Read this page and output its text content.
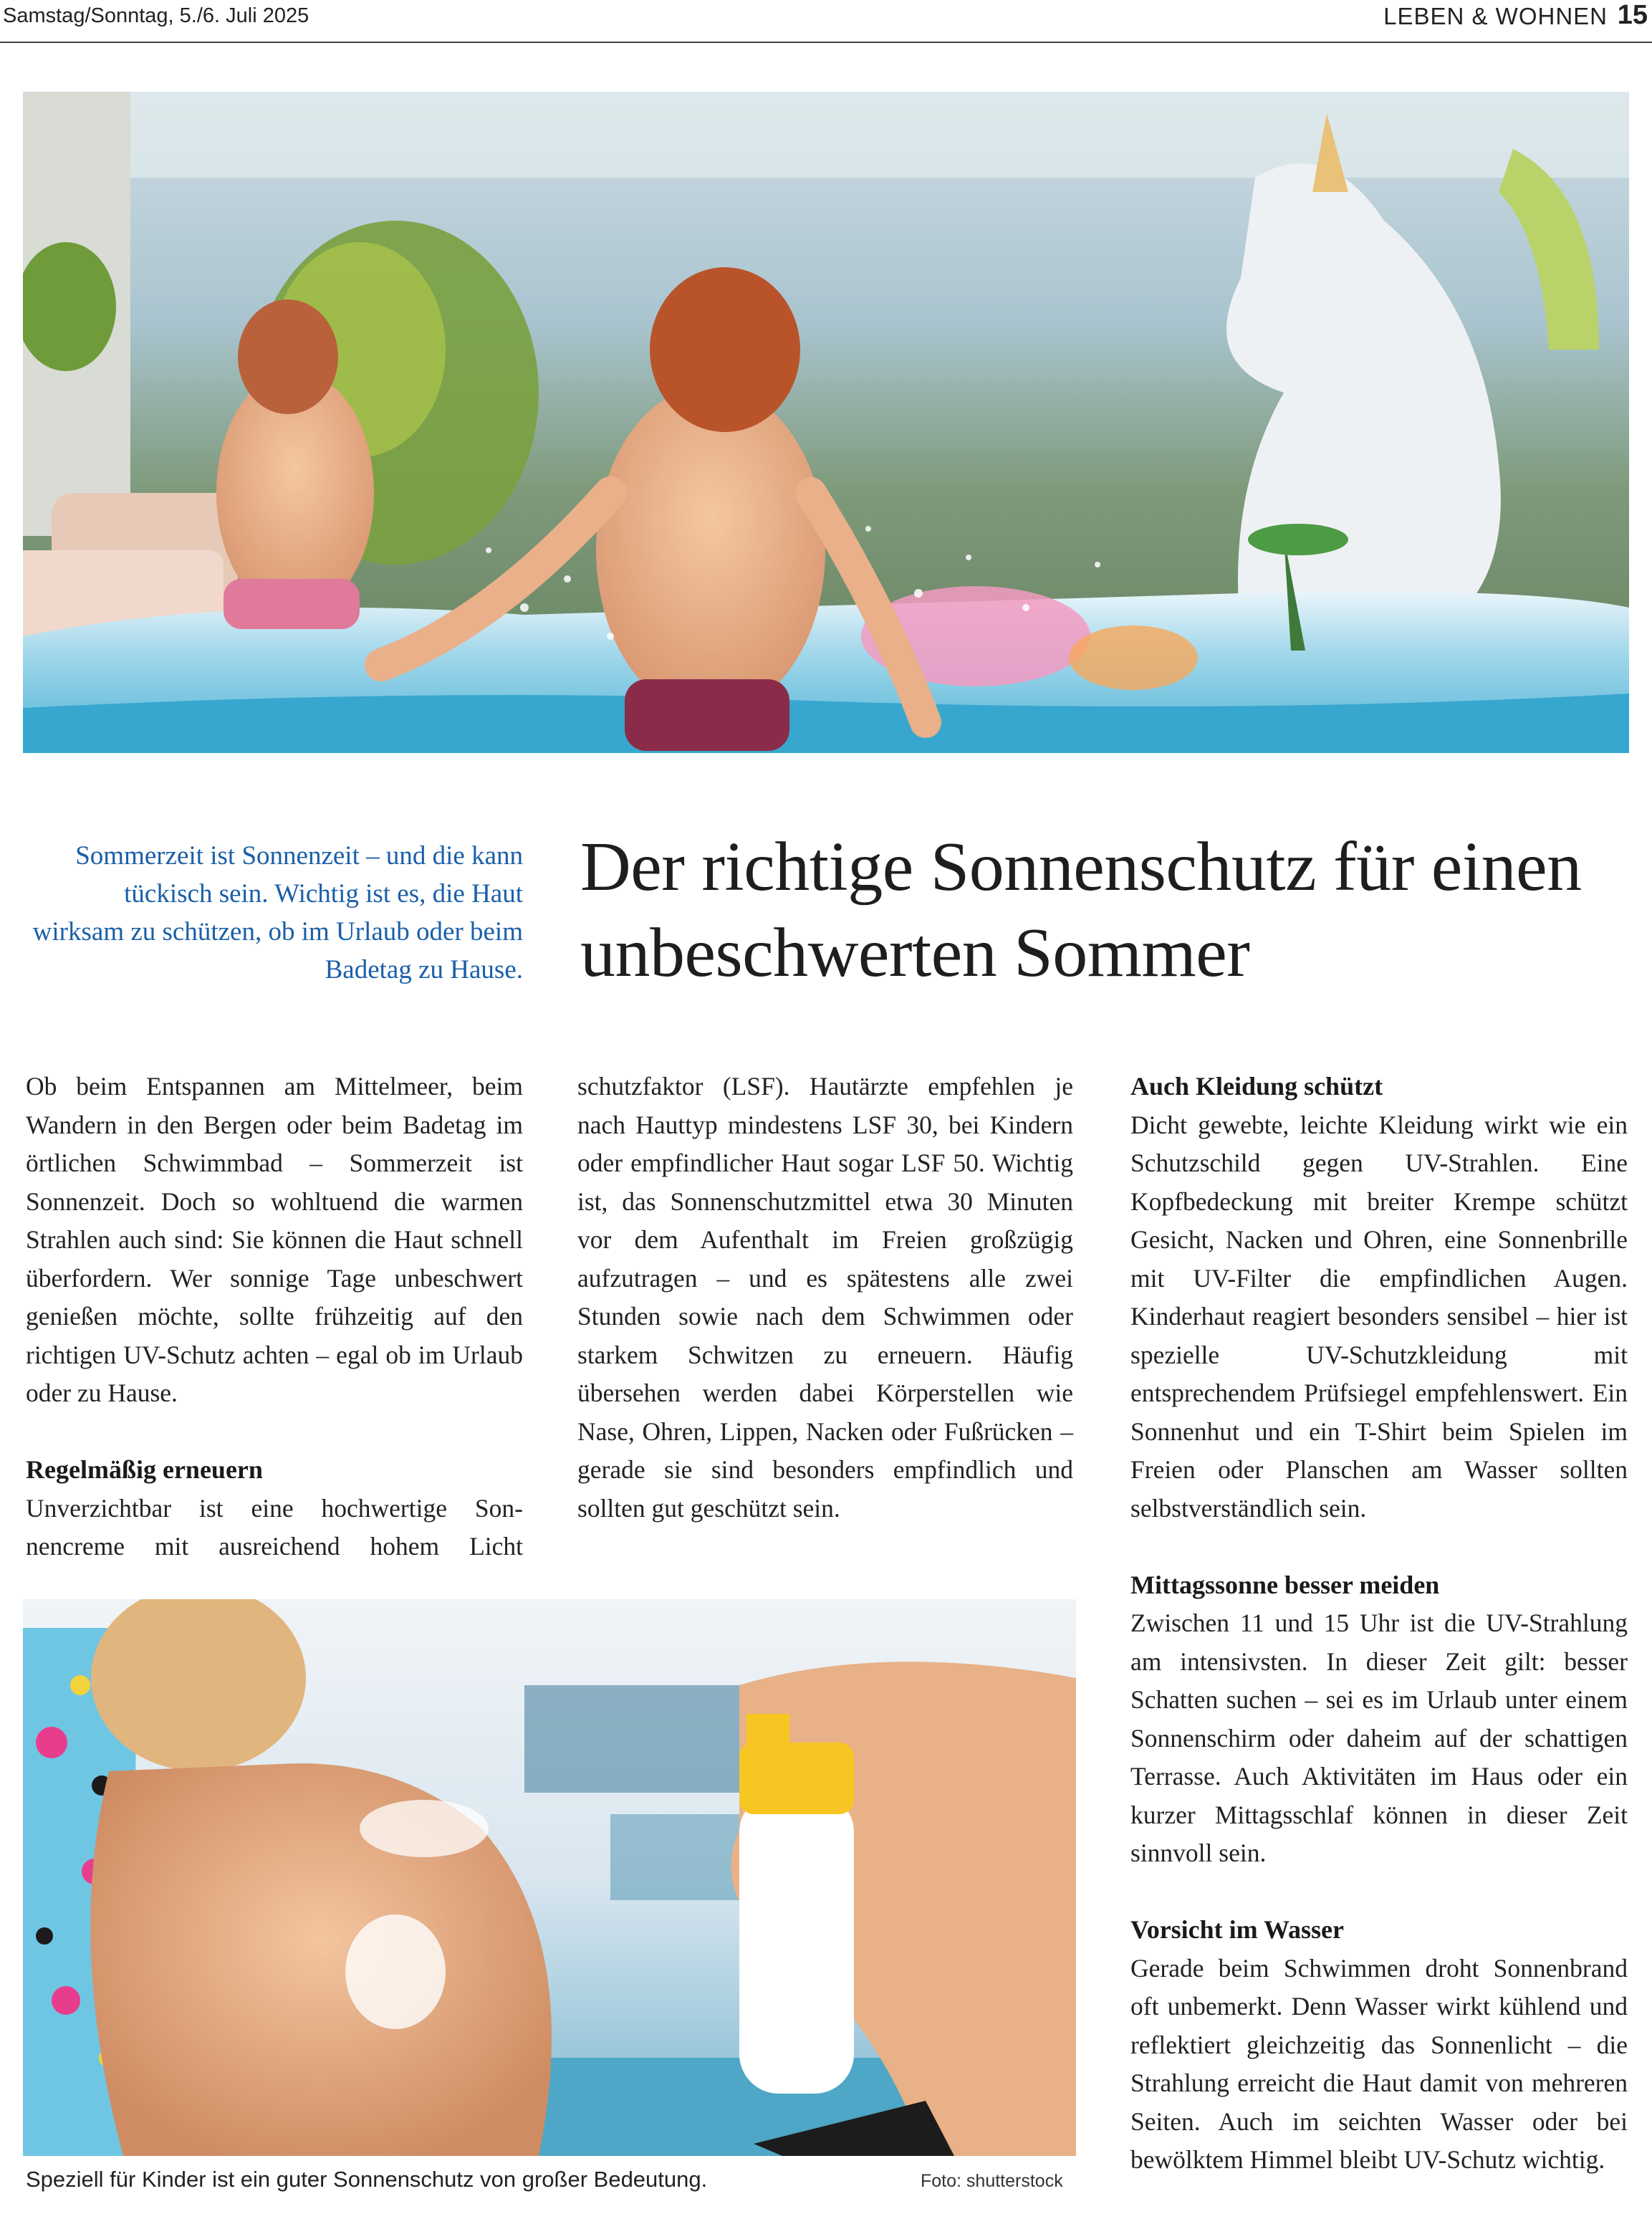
Samstag/Sonntag, 5./6. Juli 2025	LEBEN & WOHNEN 15

Sommerzeit ist Sonnenzeit – und die kann tückisch sein. Wichtig ist es, die Haut wirksam zu schützen, ob im Urlaub oder beim Badetag zu Hause.

Der richtige Sonnenschutz für einen unbeschwerten Sommer

Ob beim Entspannen am Mittelmeer, beim Wandern in den Bergen oder beim Badetag im örtlichen Schwimmbad – Sommerzeit ist Sonnenzeit. Doch so wohltuend die warmen Strahlen auch sind: Sie können die Haut schnell überfordern. Wer sonnige Tage unbeschwert genießen möchte, sollte frühzeitig auf den richtigen UV-Schutz achten – egal ob im Urlaub oder zu Hause.

Regelmäßig erneuern

Unverzichtbar ist eine hochwertige Sonnencreme mit ausreichend hohem Licht

schutzfaktor (LSF). Hautärzte empfehlen je nach Hauttyp mindestens LSF 30, bei Kindern oder empfindlicher Haut sogar LSF 50. Wichtig ist, das Sonnenschutzmittel etwa 30 Minuten vor dem Aufenthalt im Freien großzügig aufzutragen – und es spätestens alle zwei Stunden sowie nach dem Schwimmen oder starkem Schwitzen zu erneuern. Häufig übersehen werden dabei Körperstellen wie Nase, Ohren, Lippen, Nacken oder Fußrücken – gerade sie sind besonders empfindlich und sollten gut geschützt sein.

Auch Kleidung schützt

Dicht gewebte, leichte Kleidung wirkt wie ein Schutzschild gegen UV-Strahlen. Eine Kopfbedeckung mit breiter Krempe schützt Gesicht, Nacken und Ohren, eine Sonnenbrille mit UV-Filter die empfindlichen Augen. Kinderhaut reagiert besonders sensibel – hier ist spezielle UV-Schutzkleidung mit entsprechendem Prüfsiegel empfehlenswert. Ein Sonnenhut und ein T-Shirt beim Spielen im Freien oder Planschen am Wasser sollten selbstverständlich sein.

Mittagssonne besser meiden

Zwischen 11 und 15 Uhr ist die UV-Strahlung am intensivsten. In dieser Zeit gilt: besser Schatten suchen – sei es im Urlaub unter einem Sonnenschirm oder daheim auf der schattigen Terrasse. Auch Aktivitäten im Haus oder ein kurzer Mittagsschlaf können in dieser Zeit sinnvoll sein.

Vorsicht im Wasser

Gerade beim Schwimmen droht Sonnenbrand oft unbemerkt. Denn Wasser wirkt kühlend und reflektiert gleichzeitig das Sonnenlicht – die Strahlung erreicht die Haut damit von mehreren Seiten. Auch im seichten Wasser oder bei bewölktem Himmel bleibt UV-Schutz wichtig.

Speziell für Kinder ist ein guter Sonnenschutz von großer Bedeutung.	Foto: shutterstock
